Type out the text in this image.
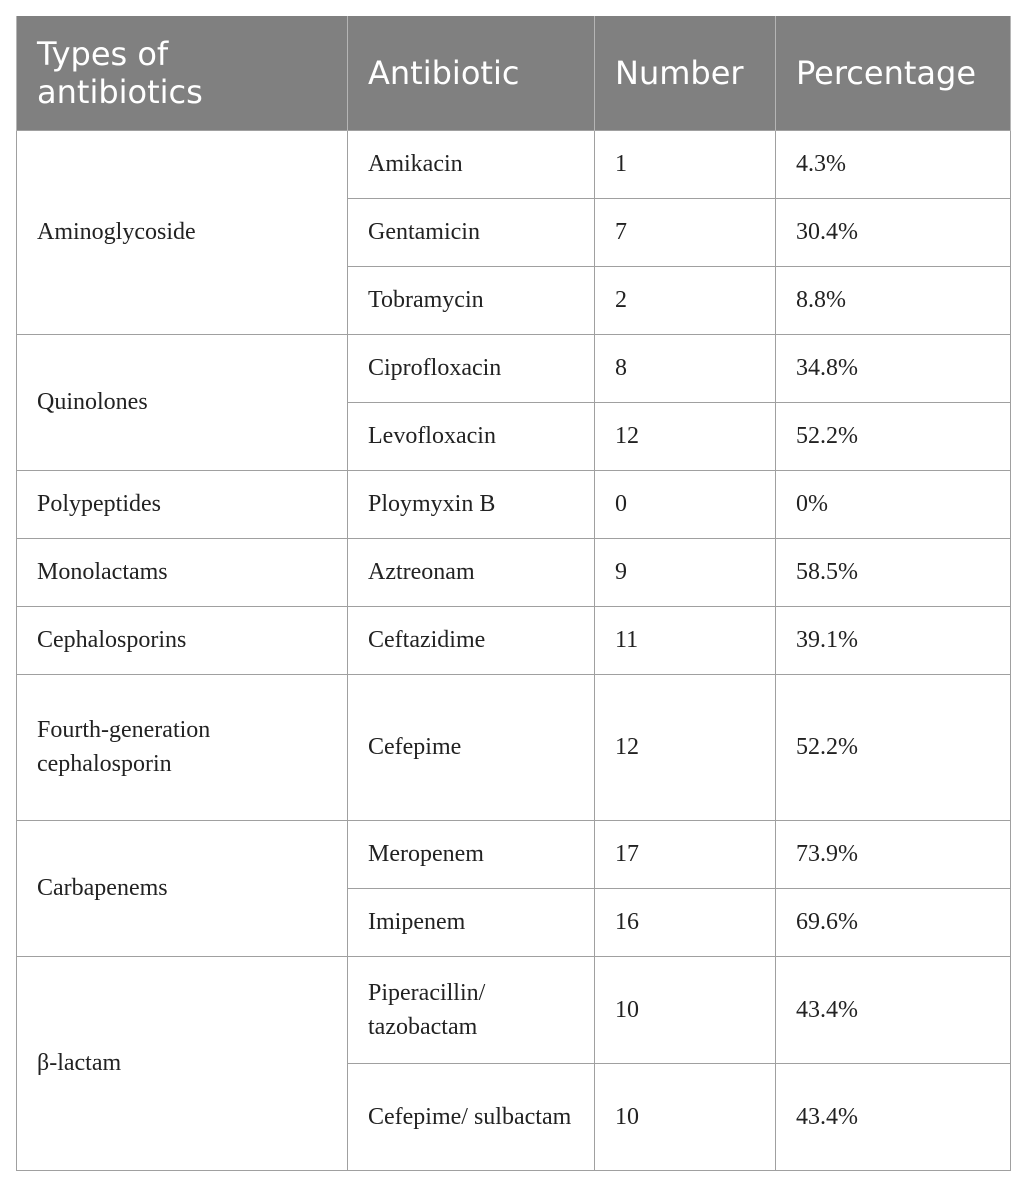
Types of antibiotics	Antibiotic	Number	Percentage
Aminoglycoside	Amikacin	1	4.3%
	Gentamicin	7	30.4%
	Tobramycin	2	8.8%
Quinolones	Ciprofloxacin	8	34.8%
	Levofloxacin	12	52.2%
Polypeptides	Ploymyxin B	0	0%
Monolactams	Aztreonam	9	58.5%
Cephalosporins	Ceftazidime	11	39.1%
Fourth-generation cephalosporin	Cefepime	12	52.2%
Carbapenems	Meropenem	17	73.9%
	Imipenem	16	69.6%
β-lactam	Piperacillin/ tazobactam	10	43.4%
	Cefepime/ sulbactam	10	43.4%
